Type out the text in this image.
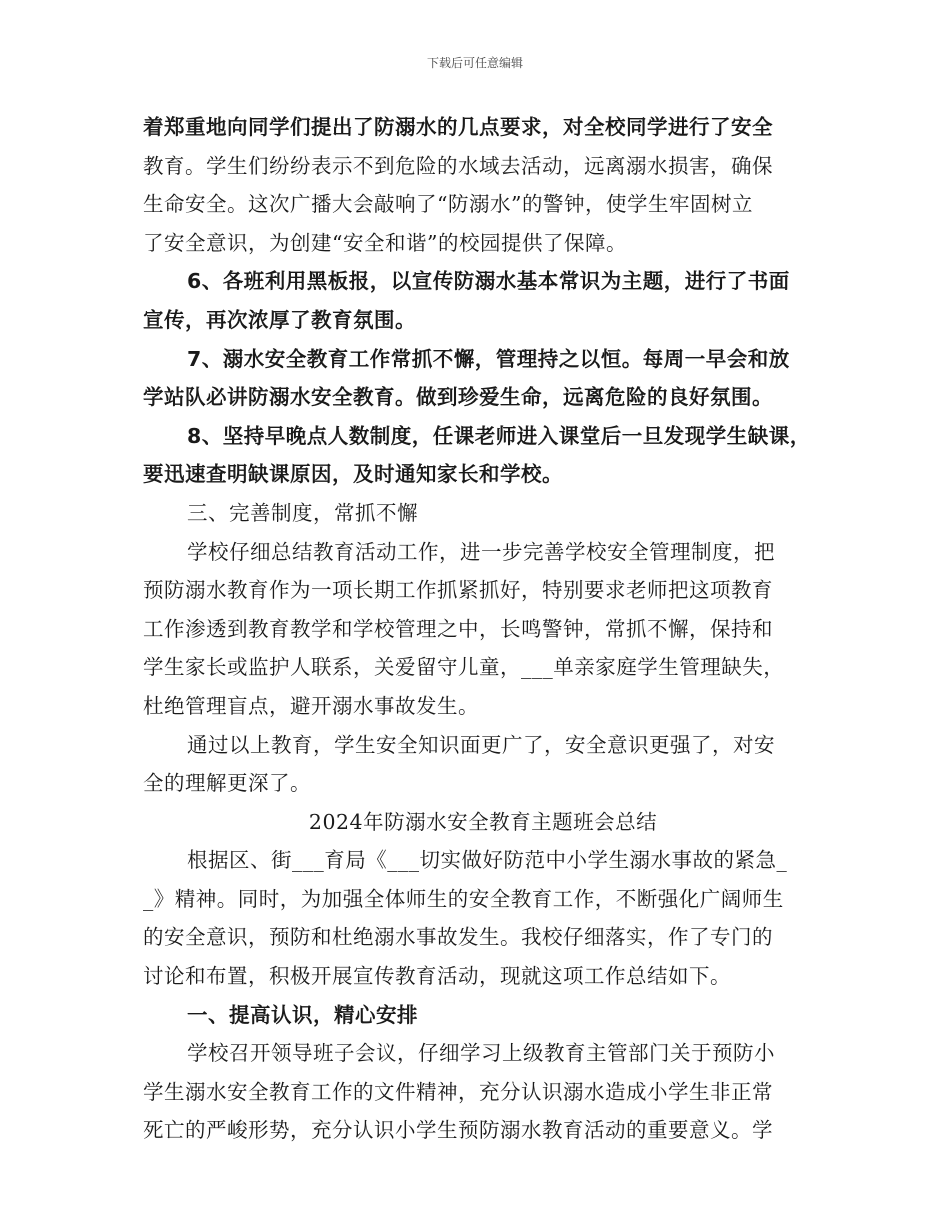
下载后可任意编辑
着郑重地向同学们提出了防溺水的几点要求，对全校同学进行了安全
教育。学生们纷纷表示不到危险的水域去活动，远离溺水损害，确保
生命安全。这次广播大会敲响了“防溺水”的警钟，使学生牢固树立
了安全意识，为创建“安全和谐”的校园提供了保障。
6、各班利用黑板报，以宣传防溺水基本常识为主题，进行了书面
宣传，再次浓厚了教育氛围。
7、溺水安全教育工作常抓不懈，管理持之以恒。每周一早会和放
学站队必讲防溺水安全教育。做到珍爱生命，远离危险的良好氛围。
8、坚持早晚点人数制度，任课老师进入课堂后一旦发现学生缺课，
要迅速查明缺课原因，及时通知家长和学校。
三、完善制度，常抓不懈
学校仔细总结教育活动工作，进一步完善学校安全管理制度，把
预防溺水教育作为一项长期工作抓紧抓好，特别要求老师把这项教育
工作渗透到教育教学和学校管理之中，长鸣警钟，常抓不懈，保持和
学生家长或监护人联系，关爱留守儿童，___单亲家庭学生管理缺失，
杜绝管理盲点，避开溺水事故发生。
通过以上教育，学生安全知识面更广了，安全意识更强了，对安
全的理解更深了。
2024年防溺水安全教育主题班会总结
根据区、街___育局《___切实做好防范中小学生溺水事故的紧急_
_》精神。同时，为加强全体师生的安全教育工作，不断强化广阔师生
的安全意识，预防和杜绝溺水事故发生。我校仔细落实，作了专门的
讨论和布置，积极开展宣传教育活动，现就这项工作总结如下。
一、提高认识，精心安排
学校召开领导班子会议，仔细学习上级教育主管部门关于预防小
学生溺水安全教育工作的文件精神，充分认识溺水造成小学生非正常
死亡的严峻形势，充分认识小学生预防溺水教育活动的重要意义。学
